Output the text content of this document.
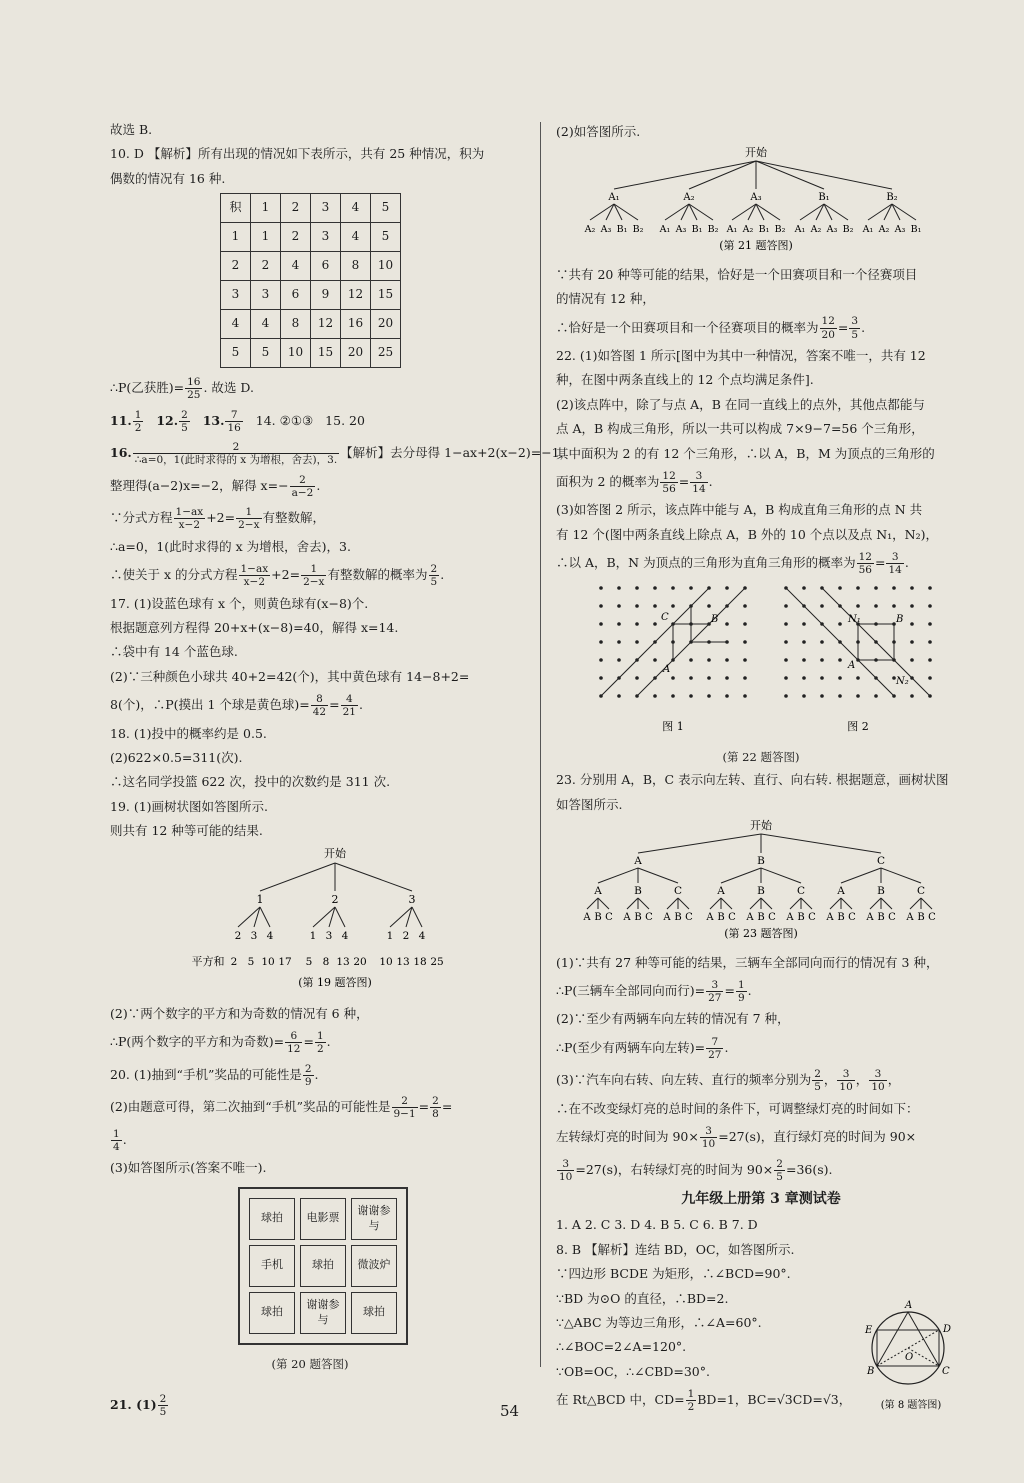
故选 B.
10. D 【解析】所有出现的情况如下表所示，共有 25 种情况，积为
偶数的情况有 16 种.
积	1	2	3	4	5
1	1	2	3	4	5
2	2	4	6	8	10
3	3	6	9	12	15
4	4	8	12	16	20
5	5	10	15	20	25
∴P(乙获胜)= $\frac{16}{25}$ . 故选 D.
11. $\frac{1}{2} 12$. $\frac{2}{5} 13$. $\frac{7}{16} 14$. ②①③ 15. 20
16. $\frac{2}{\text{∴a=0，1(此时求得的 x 为增根，舍去)，3.}}$ 【解析】去分母得 1−ax+2(x−2)=−1，
整理得(a−2)x=−2，解得 $x=- \frac{2}{a-2}$ .
∵分式方程 $\frac{1-ax}{x-2} +2= \frac{1}{2-x}$ 有整数解，
∴a=0，1(此时求得的 x 为增根，舍去)，3.
∴使关于 x 的分式方程 $\frac{1-ax}{x-2} +2= \frac{1}{2-x}$ 有整数解的概率为 $\frac{2}{5}$ .
17. (1)设蓝色球有 x 个，则黄色球有(x−8)个.
根据题意列方程得 20+x+(x−8)=40，解得 x=14.
∴袋中有 14 个蓝色球.
(2)∵三种颜色小球共 40+2=42(个)，其中黄色球有 14−8+2=
8(个)，∴P(摸出 1 个球是黄色球)= $\frac{8}{42} = \frac{4}{21}$ .
18. (1)投中的概率约是 0.5.
(2)622×0.5=311(次).
∴这名同学投篮 622 次，投中的次数约是 311 次.
19. (1)画树状图如答图所示.
则共有 12 种等可能的结果.
开始
1
2 3 4
2
1 3 4
3
1 2 4
平方和 2 5 10 17 5 8 13 20 10 13 18 25
(第 19 题答图)
(2)∵两个数字的平方和为奇数的情况有 6 种，
∴P(两个数字的平方和为奇数)= $\frac{6}{12} = \frac{1}{2}$ .
20. (1)抽到“手机”奖品的可能性是 $\frac{2}{9}$ .
(2)由题意可得，第二次抽到“手机”奖品的可能性是 $\frac{2}{9-1} = \frac{2}{8}$ =
$\frac{1}{4}$ .
(3)如答图所示(答案不唯一).
球拍	电影票	谢谢参与
手机	球拍	微波炉
球拍	谢谢参与	球拍
(第 20 题答图)
21. $(1) \frac{2}{5}$
(2)如答图所示.
开始
A₁
A₂ A₃ B₁ B₂
A₂
A₁ A₃ B₁ B₂
A₃
A₁ A₂ B₁ B₂
B₁
A₁ A₂ A₃ B₂
B₂
A₁ A₂ A₃ B₁
(第 21 题答图)
∵共有 20 种等可能的结果，恰好是一个田赛项目和一个径赛项目
的情况有 12 种，
∴恰好是一个田赛项目和一个径赛项目的概率为 $\frac{12}{20} = \frac{3}{5}$ .
22. (1)如答图 1 所示[图中为其中一种情况，答案不唯一，共有 12
种，在图中两条直线上的 12 个点均满足条件].
(2)该点阵中，除了与点 A，B 在同一直线上的点外，其他点都能与
点 A，B 构成三角形，所以一共可以构成 7×9−7=56 个三角形，
其中面积为 2 的有 12 个三角形，∴以 A，B，M 为顶点的三角形的
面积为 2 的概率为 $\frac{12}{56} = \frac{3}{14}$ .
(3)如答图 2 所示，该点阵中能与 A，B 构成直角三角形的点 N 共
有 12 个(图中两条直线上除点 A，B 外的 10 个点以及点 N₁，N₂)，
∴以 A，B，N 为顶点的三角形为直角三角形的概率为 $\frac{12}{56} = \frac{3}{14}$ .
A
B
C	N₁	B
A
N₂
图 1	图 2
(第 22 题答图)
23. 分别用 A，B，C 表示向左转、直行、向右转. 根据题意，画树状图
如答图所示.
开始
A
A
A B C
B
A B C
C
A B C
B
A
A B C
B
A B C
C
A B C
C
A
A B C
B
A B C
C
A B C
(第 23 题答图)
(1)∵共有 27 种等可能的结果，三辆车全部同向而行的情况有 3 种，
∴P(三辆车全部同向而行)= $\frac{3}{27} = \frac{1}{9}$ .
(2)∵至少有两辆车向左转的情况有 7 种，
∴P(至少有两辆车向左转)= $\frac{7}{27}$ .
(3)∵汽车向右转、向左转、直行的频率分别为 $\frac{2}{5}$ ， $\frac{3}{10}$ ， $\frac{3}{10}$ ，
∴在不改变绿灯亮的总时间的条件下，可调整绿灯亮的时间如下：
左转绿灯亮的时间为 $90\times \frac{3}{10} =27(s)$，直行绿灯亮的时间为 90×
$\frac{3}{10} =27(s)$，右转绿灯亮的时间为 $90\times \frac{2}{5} =36(s)$.
九年级上册第 3 章测试卷
1. A 2. C 3. D 4. B 5. C 6. B 7. D
8. B 【解析】连结 BD，OC，如答图所示.
∵四边形 BCDE 为矩形，∴∠BCD=90°.
∵BD 为⊙O 的直径，∴BD=2.
∵△ABC 为等边三角形，∴∠A=60°.
∴∠BOC=2∠A=120°.
∵OB=OC，∴∠CBD=30°.
在 Rt△BCD 中，$CD= \frac{1}{2} BD=1$，BC=√3CD=√3，
A
E	D
O
B	C
(第 8 题答图)
54
